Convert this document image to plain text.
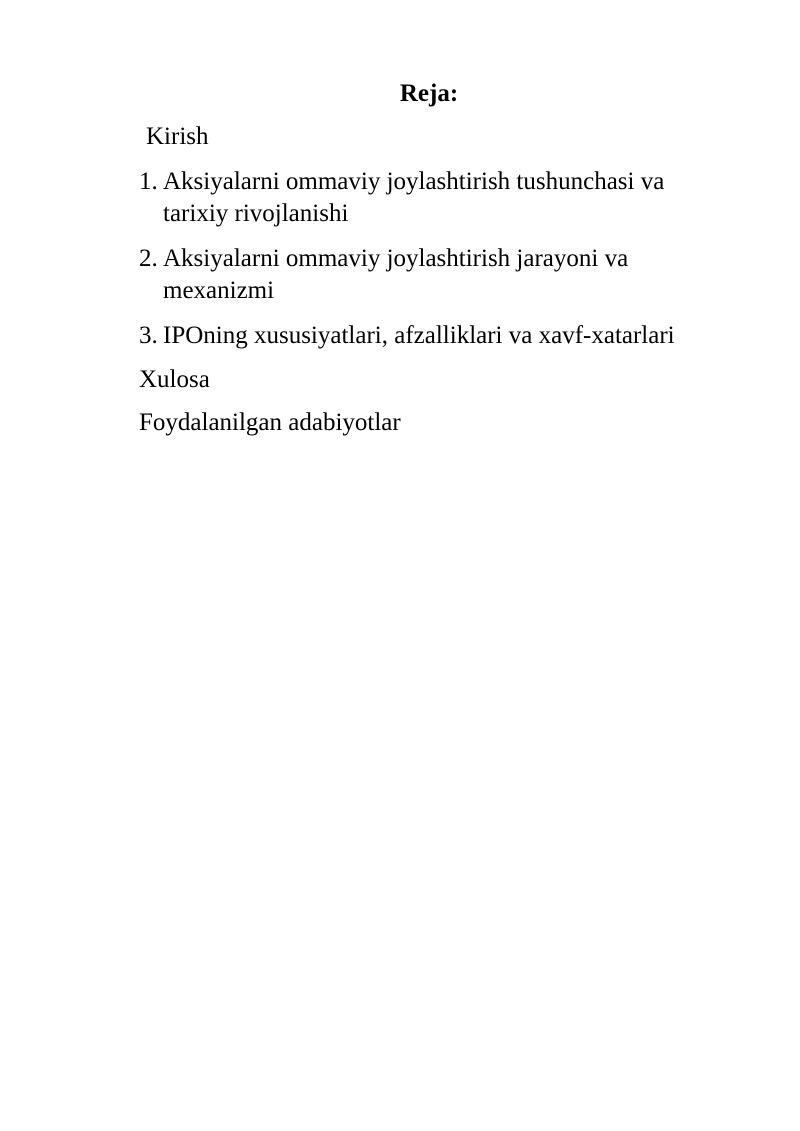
Reja:
Kirish
1. Aksiyalarni ommaviy joylashtirish tushunchasi va
tarixiy rivojlanishi
2. Aksiyalarni ommaviy joylashtirish jarayoni va
mexanizmi
3. IPOning xususiyatlari, afzalliklari va xavf-xatarlari
Xulosa
Foydalanilgan adabiyotlar
